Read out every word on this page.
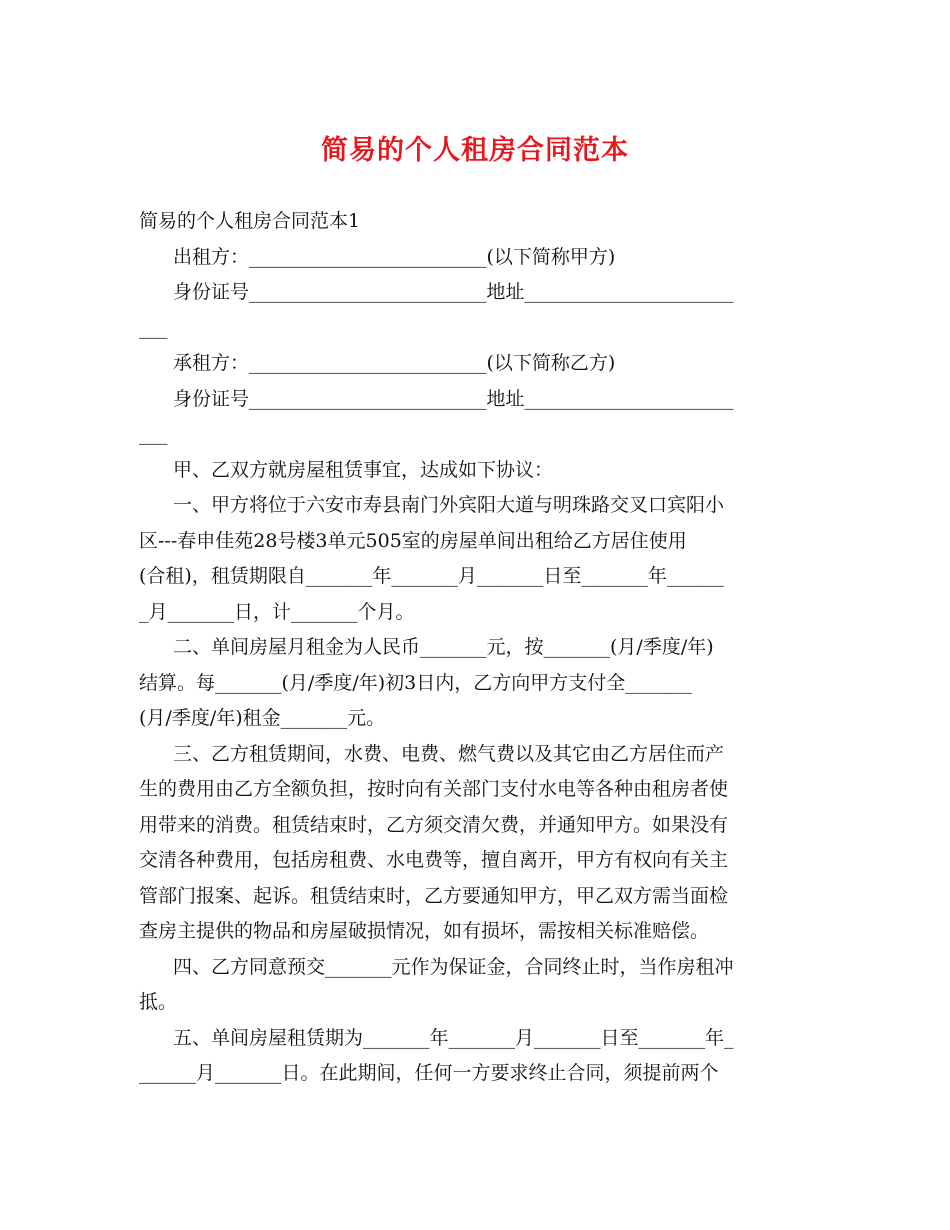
简易的个人租房合同范本
简易的个人租房合同范本1
出租方：_________________________(以下简称甲方)
身份证号_________________________地址______________________
___
承租方：_________________________(以下简称乙方)
身份证号_________________________地址______________________
___
甲、乙双方就房屋租赁事宜，达成如下协议：
一、甲方将位于六安市寿县南门外宾阳大道与明珠路交叉口宾阳小
区---春申佳苑28号楼3单元505室的房屋单间出租给乙方居住使用
(合租)，租赁期限自_______年_______月_______日至_______年______
_月_______日，计_______个月。
二、单间房屋月租金为人民币_______元，按_______(月/季度/年)
结算。每_______(月/季度/年)初3日内，乙方向甲方支付全_______
(月/季度/年)租金_______元。
三、乙方租赁期间，水费、电费、燃气费以及其它由乙方居住而产
生的费用由乙方全额负担，按时向有关部门支付水电等各种由租房者使
用带来的消费。租赁结束时，乙方须交清欠费，并通知甲方。如果没有
交清各种费用，包括房租费、水电费等，擅自离开，甲方有权向有关主
管部门报案、起诉。租赁结束时，乙方要通知甲方，甲乙双方需当面检
查房主提供的物品和房屋破损情况，如有损坏，需按相关标准赔偿。
四、乙方同意预交_______元作为保证金，合同终止时，当作房租冲
抵。
五、单间房屋租赁期为_______年_______月_______日至_______年_
______月_______日。在此期间，任何一方要求终止合同，须提前两个
